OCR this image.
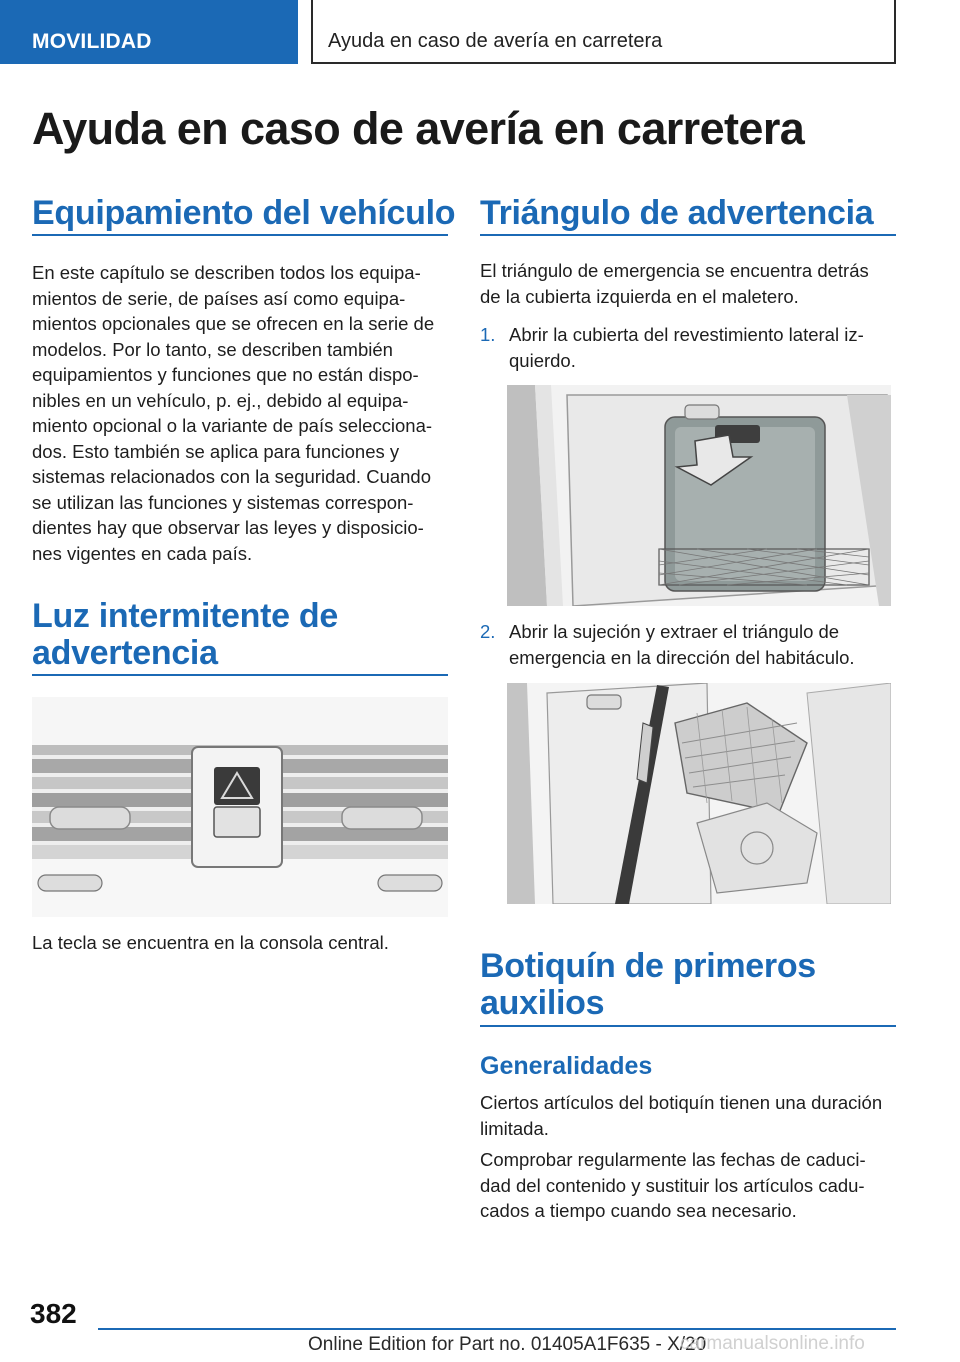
MOVILIDAD	Ayuda en caso de avería en carretera
Ayuda en caso de avería en carretera
Equipamiento del vehículo
En este capítulo se describen todos los equipa‐
mientos de serie, de países así como equipa‐
mientos opcionales que se ofrecen en la serie de
modelos. Por lo tanto, se describen también
equipamientos y funciones que no están dispo‐
nibles en un vehículo, p. ej., debido al equipa‐
miento opcional o la variante de país selecciona‐
dos. Esto también se aplica para funciones y
sistemas relacionados con la seguridad. Cuando
se utilizan las funciones y sistemas correspon‐
dientes hay que observar las leyes y disposicio‐
nes vigentes en cada país.
Luz intermitente de
advertencia
La tecla se encuentra en la consola central.
Triángulo de advertencia
El triángulo de emergencia se encuentra detrás
de la cubierta izquierda en el maletero.
1. Abrir la cubierta del revestimiento lateral iz‐
quierdo.
2. Abrir la sujeción y extraer el triángulo de
emergencia en la dirección del habitáculo.
Botiquín de primeros
auxilios
Generalidades
Ciertos artículos del botiquín tienen una duración
limitada.
Comprobar regularmente las fechas de caduci‐
dad del contenido y sustituir los artículos cadu‐
cados a tiempo cuando sea necesario.
382
Online Edition for Part no. 01405A1F635 - X/20
carmanualsonline.info
